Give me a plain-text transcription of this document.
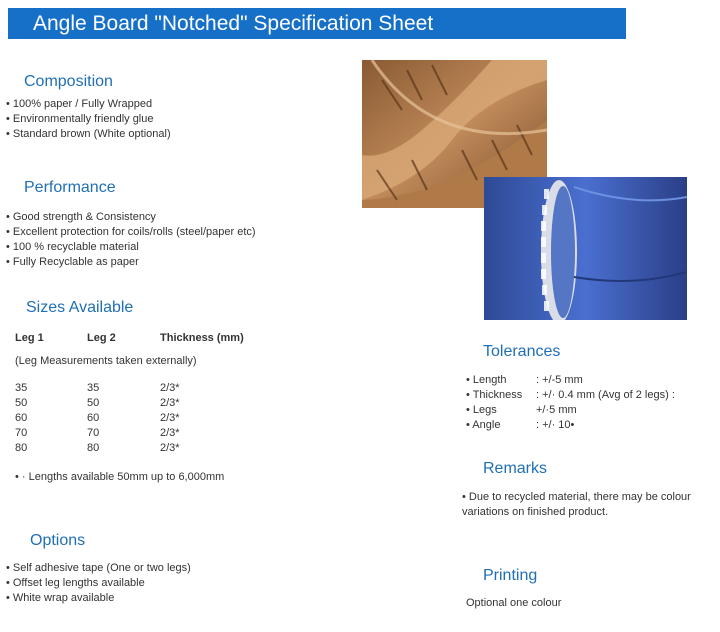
Angle Board "Notched" Specification Sheet
Composition
• 100% paper / Fully Wrapped
• Environmentally friendly glue
• Standard brown (White optional)
Performance
• Good strength & Consistency
• Excellent protection for coils/rolls (steel/paper etc)
• 100 % recyclable material
• Fully Recyclable as paper
Sizes Available
Leg 1	Leg 2	Thickness (mm)
(Leg Measurements taken externally)
35	35	2/3*
50	50	2/3*
60	60	2/3*
70	70	2/3*
80	80	2/3*
• · Lengths available 50mm up to 6,000mm
Options
• Self adhesive tape (One or two legs)
• Offset leg lengths available
• White wrap available
Tolerances
• Length	: +/-5 mm
• Thickness : +/· 0.4 mm (Avg of 2 legs) :
• Legs	+/·5 mm
• Angle	: +/· 10•
Remarks
• Due to recycled material, there may be colour variations on finished product.
Printing
Optional one colour
